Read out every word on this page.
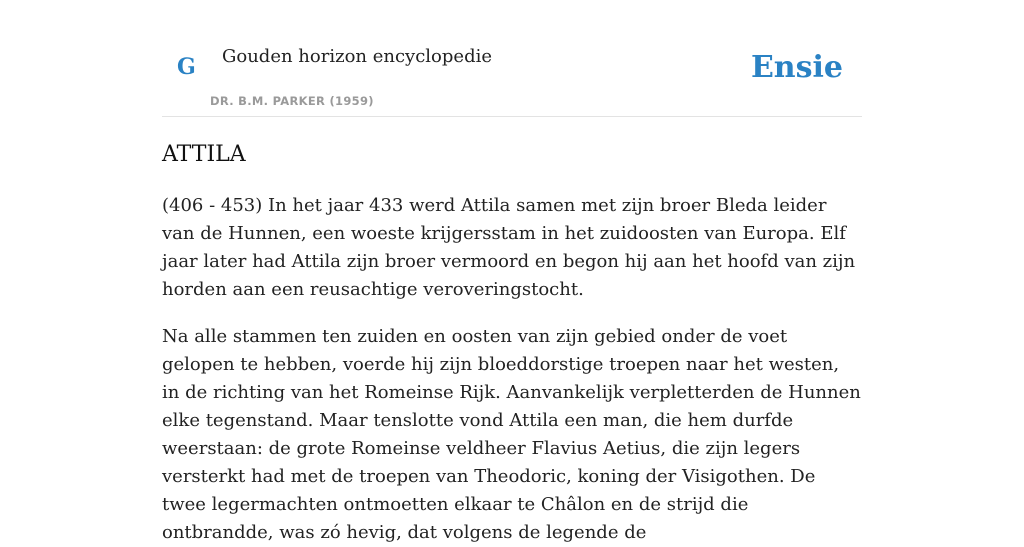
G Gouden horizon encyclopedie
DR. B.M. PARKER (1959)
Ensie
ATTILA

(406 - 453) In het jaar 433 werd Attila samen met zijn broer Bleda leider van de Hunnen, een woeste krijgersstam in het zuidoosten van Europa. Elf jaar later had Attila zijn broer vermoord en begon hij aan het hoofd van zijn horden aan een reusachtige veroveringstocht.

Na alle stammen ten zuiden en oosten van zijn gebied onder de voet gelopen te hebben, voerde hij zijn bloeddorstige troepen naar het westen, in de richting van het Romeinse Rijk. Aanvankelijk verpletterden de Hunnen elke tegenstand. Maar tenslotte vond Attila een man, die hem durfde weerstaan: de grote Romeinse veldheer Flavius Aetius, die zijn legers versterkt had met de troepen van Theodoric, koning der Visigothen. De twee legermachten ontmoetten elkaar te Châlon en de strijd die ontbrandde, was zó hevig, dat volgens de legende de
